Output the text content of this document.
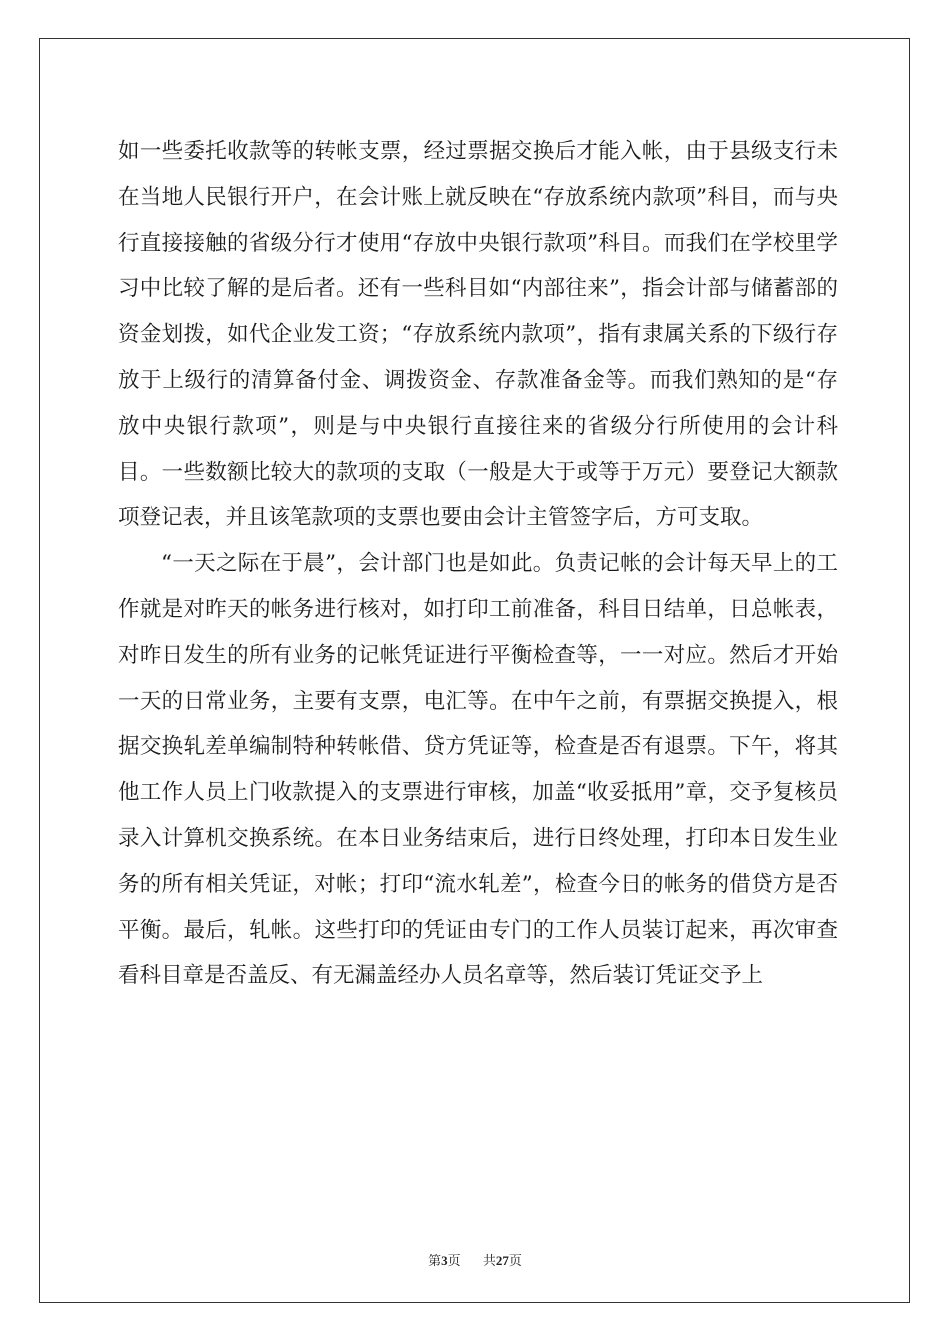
如一些委托收款等的转帐支票，经过票据交换后才能入帐，由于县级支行未在当地人民银行开户，在会计账上就反映在“存放系统内款项”科目，而与央行直接接触的省级分行才使用“存放中央银行款项”科目。而我们在学校里学习中比较了解的是后者。还有一些科目如“内部往来”，指会计部与储蓄部的资金划拨，如代企业发工资；“存放系统内款项”，指有隶属关系的下级行存放于上级行的清算备付金、调拨资金、存款准备金等。而我们熟知的是“存放中央银行款项”，则是与中央银行直接往来的省级分行所使用的会计科目。一些数额比较大的款项的支取（一般是大于或等于万元）要登记大额款项登记表，并且该笔款项的支票也要由会计主管签字后，方可支取。

“一天之际在于晨”，会计部门也是如此。负责记帐的会计每天早上的工作就是对昨天的帐务进行核对，如打印工前准备，科目日结单，日总帐表，对昨日发生的所有业务的记帐凭证进行平衡检查等，一一对应。然后才开始一天的日常业务，主要有支票，电汇等。在中午之前，有票据交换提入，根据交换轧差单编制特种转帐借、贷方凭证等，检查是否有退票。下午，将其他工作人员上门收款提入的支票进行审核，加盖“收妥抵用”章，交予复核员录入计算机交换系统。在本日业务结束后，进行日终处理，打印本日发生业务的所有相关凭证，对帐；打印“流水轧差”，检查今日的帐务的借贷方是否平衡。最后，轧帐。这些打印的凭证由专门的工作人员装订起来，再次审查看科目章是否盖反、有无漏盖经办人员名章等，然后装订凭证交予上

第3页 共27页
